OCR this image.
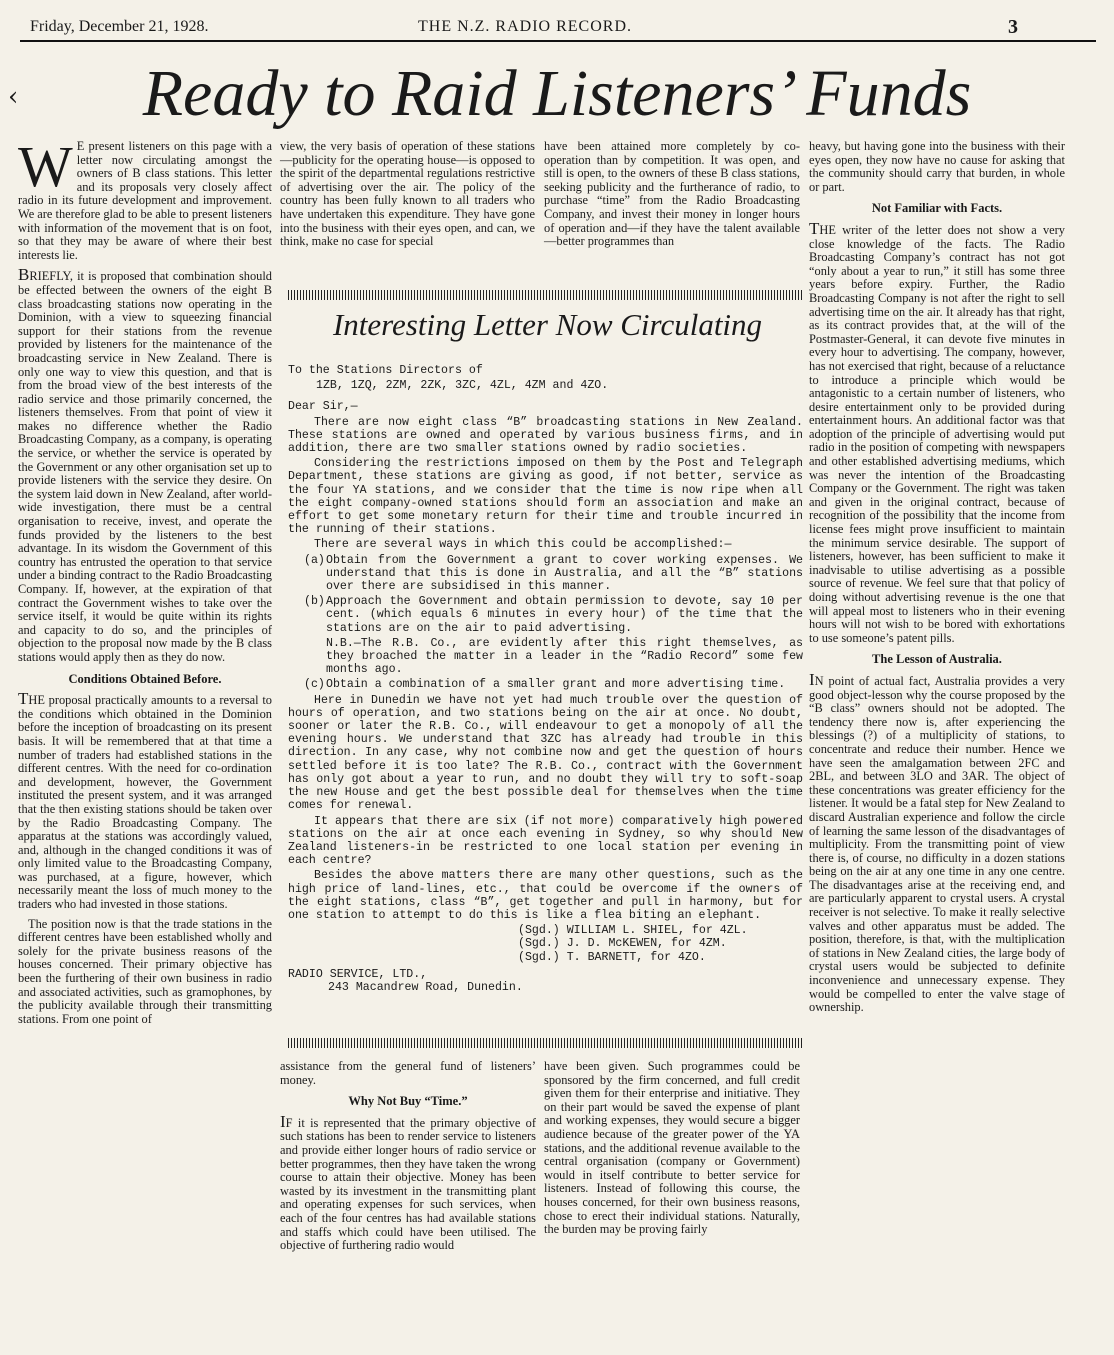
Friday, December 21, 1928.	THE N.Z. RADIO RECORD.	3
Ready to Raid Listeners’ Funds
‹

W E present listeners on this page with a letter now circulating amongst the owners of B class stations. This letter and its proposals very closely affect radio in its future development and improvement. We are therefore glad to be able to present listeners with information of the movement that is on foot, so that they may be aware of where their best interests lie.

BRIEFLY, it is proposed that combination should be effected between the owners of the eight B class broadcasting stations now operating in the Dominion, with a view to squeezing financial support for their stations from the revenue provided by listeners for the maintenance of the broadcasting service in New Zealand. There is only one way to view this question, and that is from the broad view of the best interests of the radio service and those primarily concerned, the listeners themselves. From that point of view it makes no difference whether the Radio Broadcasting Company, as a company, is operating the service, or whether the service is operated by the Government or any other organisation set up to provide listeners with the service they desire. On the system laid down in New Zealand, after world-wide investigation, there must be a central organisation to receive, invest, and operate the funds provided by the listeners to the best advantage. In its wisdom the Government of this country has entrusted the operation to that service under a binding contract to the Radio Broadcasting Company. If, however, at the expiration of that contract the Government wishes to take over the service itself, it would be quite within its rights and capacity to do so, and the principles of objection to the proposal now made by the B class stations would apply then as they do now.

Conditions Obtained Before.

THE proposal practically amounts to a reversal to the conditions which obtained in the Dominion before the inception of broadcasting on its present basis. It will be remembered that at that time a number of traders had established stations in the different centres. With the need for co-ordination and development, however, the Government instituted the present system, and it was arranged that the then existing stations should be taken over by the Radio Broadcasting Company. The apparatus at the stations was accordingly valued, and, although in the changed conditions it was of only limited value to the Broadcasting Company, was purchased, at a figure, however, which necessarily meant the loss of much money to the traders who had invested in those stations.

The position now is that the trade stations in the different centres have been established wholly and solely for the private business reasons of the houses concerned. Their primary objective has been the furthering of their own business in radio and associated activities, such as gramophones, by the publicity available through their transmitting stations. From one point of

view, the very basis of operation of these stations—publicity for the operating house—is opposed to the spirit of the departmental regulations restrictive of advertising over the air. The policy of the country has been fully known to all traders who have undertaken this expenditure. They have gone into the business with their eyes open, and can, we think, make no case for special

have been attained more completely by co-operation than by competition. It was open, and still is open, to the owners of these B class stations, seeking publicity and the furtherance of radio, to purchase “time” from the Radio Broadcasting Company, and invest their money in longer hours of operation and—if they have the talent available—better programmes than

heavy, but having gone into the business with their eyes open, they now have no cause for asking that the community should carry that burden, in whole or part.

Not Familiar with Facts.

THE writer of the letter does not show a very close knowledge of the facts. The Radio Broadcasting Company’s contract has not got “only about a year to run,” it still has some three years before expiry. Further, the Radio Broadcasting Company is not after the right to sell advertising time on the air. It already has that right, as its contract provides that, at the will of the Postmaster-General, it can devote five minutes in every hour to advertising. The company, however, has not exercised that right, because of a reluctance to introduce a principle which would be antagonistic to a certain number of listeners, who desire entertainment only to be provided during entertainment hours. An additional factor was that adoption of the principle of advertising would put radio in the position of competing with newspapers and other established advertising mediums, which was never the intention of the Broadcasting Company or the Government. The right was taken and given in the original contract, because of recognition of the possibility that the income from license fees might prove insufficient to maintain the minimum service desirable. The support of listeners, however, has been sufficient to make it inadvisable to utilise advertising as a possible source of revenue. We feel sure that that policy of doing without advertising revenue is the one that will appeal most to listeners who in their evening hours will not wish to be bored with exhortations to use someone’s patent pills.

The Lesson of Australia.

IN point of actual fact, Australia provides a very good object-lesson why the course proposed by the “B class” owners should not be adopted. The tendency there now is, after experiencing the blessings (?) of a multiplicity of stations, to concentrate and reduce their number. Hence we have seen the amalgamation between 2FC and 2BL, and between 3LO and 3AR. The object of these concentrations was greater efficiency for the listener. It would be a fatal step for New Zealand to discard Australian experience and follow the circle of learning the same lesson of the disadvantages of multiplicity. From the transmitting point of view there is, of course, no difficulty in a dozen stations being on the air at any one time in any one centre. The disadvantages arise at the receiving end, and are particularly apparent to crystal users. A crystal receiver is not selective. To make it really selective valves and other apparatus must be added. The position, therefore, is that, with the multiplication of stations in New Zealand cities, the large body of crystal users would be subjected to definite inconvenience and unnecessary expense. They would be compelled to enter the valve stage of ownership.

Interesting Letter Now Circulating

To the Stations Directors of

1ZB, 1ZQ, 2ZM, 2ZK, 3ZC, 4ZL, 4ZM and 4ZO.

Dear Sir,—

There are now eight class “B” broadcasting stations in New Zealand. These stations are owned and operated by various business firms, and in addition, there are two smaller stations owned by radio societies.

Considering the restrictions imposed on them by the Post and Telegraph Department, these stations are giving as good, if not better, service as the four YA stations, and we consider that the time is now ripe when all the eight company-owned stations should form an association and make an effort to get some monetary return for their time and trouble incurred in the running of their stations.

There are several ways in which this could be accomplished:—

(a) Obtain from the Government a grant to cover working expenses. We understand that this is done in Australia, and all the “B” stations over there are subsidised in this manner.

(b) Approach the Government and obtain permission to devote, say 10 per cent. (which equals 6 minutes in every hour) of the time that the stations are on the air to paid advertising.

N.B.—The R.B. Co., are evidently after this right themselves, as they broached the matter in a leader in the “Radio Record” some few months ago.

(c) Obtain a combination of a smaller grant and more advertising time.

Here in Dunedin we have not yet had much trouble over the question of hours of operation, and two stations being on the air at once. No doubt, sooner or later the R.B. Co., will endeavour to get a monopoly of all the evening hours. We understand that 3ZC has already had trouble in this direction. In any case, why not combine now and get the question of hours settled before it is too late? The R.B. Co., contract with the Government has only got about a year to run, and no doubt they will try to soft-soap the new House and get the best possible deal for themselves when the time comes for renewal.

It appears that there are six (if not more) comparatively high powered stations on the air at once each evening in Sydney, so why should New Zealand listeners-in be restricted to one local station per evening in each centre?

Besides the above matters there are many other questions, such as the high price of land-lines, etc., that could be overcome if the owners of the eight stations, class “B”, get together and pull in harmony, but for one station to attempt to do this is like a flea biting an elephant.

(Sgd.) WILLIAM L. SHIEL, for 4ZL.

(Sgd.) J. D. McKEWEN, for 4ZM.

(Sgd.) T. BARNETT, for 4ZO.

RADIO SERVICE, LTD.,

243 Macandrew Road, Dunedin.

assistance from the general fund of listeners’ money.

Why Not Buy “Time.”

IF it is represented that the primary objective of such stations has been to render service to listeners and provide either longer hours of radio service or better programmes, then they have taken the wrong course to attain their objective. Money has been wasted by its investment in the transmitting plant and operating expenses for such services, when each of the four centres has had available stations and staffs which could have been utilised. The objective of furthering radio would

have been given. Such programmes could be sponsored by the firm concerned, and full credit given them for their enterprise and initiative. They on their part would be saved the expense of plant and working expenses, they would secure a bigger audience because of the greater power of the YA stations, and the additional revenue available to the central organisation (company or Government) would in itself contribute to better service for listeners. Instead of following this course, the houses concerned, for their own business reasons, chose to erect their individual stations. Naturally, the burden may be proving fairly
